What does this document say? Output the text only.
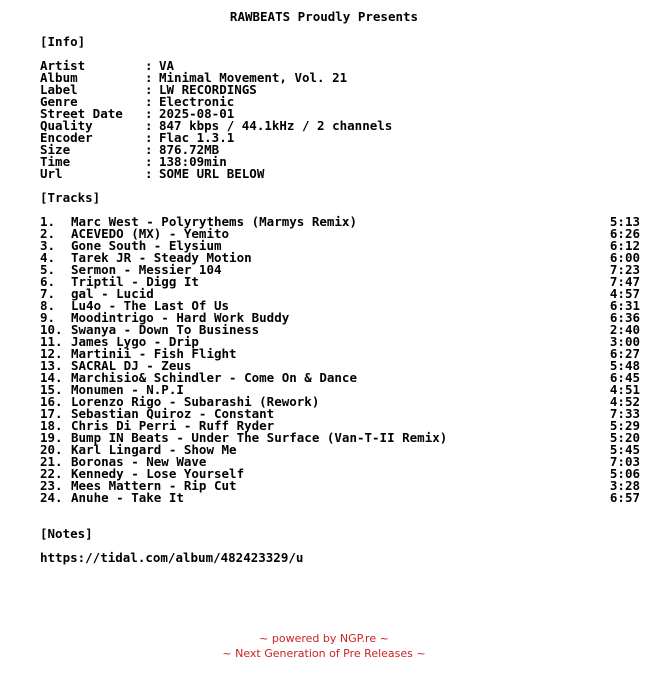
RAWBEATS Proudly Presents
[Info]
Artist	: VA
Album	: Minimal Movement, Vol. 21
Label	: LW RECORDINGS
Genre	: Electronic
Street Date : 2025-08-01
Quality	: 847 kbps / 44.1kHz / 2 channels
Encoder	: Flac 1.3.1
Size	: 876.72MB
Time	: 138:09min
Url	: SOME URL BELOW
[Tracks]
1. Marc West - Polyrythems (Marmys Remix)	5:13
2. ACEVEDO (MX) - Yemito	6:26
3. Gone South - Elysium	6:12
4. Tarek JR - Steady Motion	6:00
5. Sermon - Messier 104	7:23
6. Triptil - Digg It	7:47
7. gal - Lucid	4:57
8. Lu4o - The Last Of Us	6:31
9. Moodintrigo - Hard Work Buddy	6:36
10. Swanya - Down To Business	2:40
11. James Lygo - Drip	3:00
12. Martinii - Fish Flight	6:27
13. SACRAL DJ - Zeus	5:48
14. Marchisio& Schindler - Come On & Dance	6:45
15. Monumen - N.P.I	4:51
16. Lorenzo Rigo - Subarashi (Rework)	4:52
17. Sebastian Quiroz - Constant	7:33
18. Chris Di Perri - Ruff Ryder	5:29
19. Bump IN Beats - Under The Surface (Van-T-II Remix)	5:20
20. Karl Lingard - Show Me	5:45
21. Boronas - New Wave	7:03
22. Kennedy - Lose Yourself	5:06
23. Mees Mattern - Rip Cut	3:28
24. Anuhe - Take It	6:57
[Notes]
https://tidal.com/album/482423329/u
~ powered by NGP.re ~
~ Next Generation of Pre Releases ~
